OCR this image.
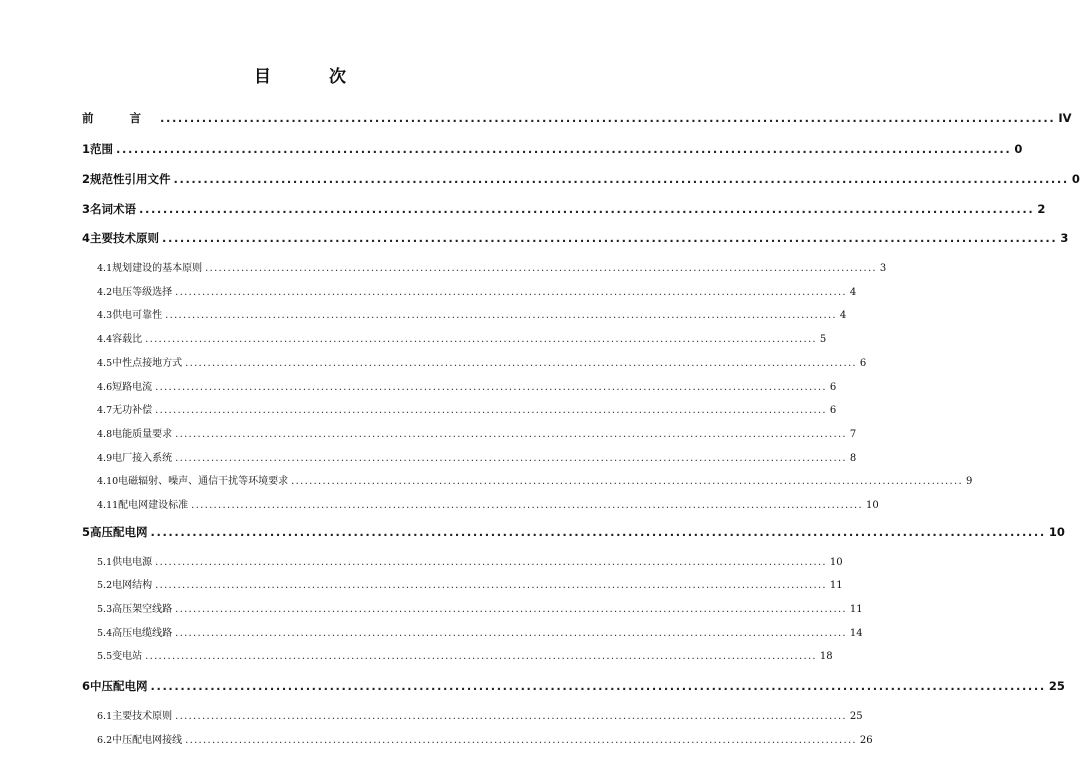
目 次
前 言 ...................................................................................................................................................... IV
1 范围 ...................................................................................................................................................... 0
2 规范性引用文件 ...................................................................................................................................................... 0
3 名词术语 ...................................................................................................................................................... 2
4 主要技术原则 ...................................................................................................................................................... 3
4.1 规划建设的基本原则 ...................................................................................................................................................... 3
4.2 电压等级选择 ...................................................................................................................................................... 4
4.3 供电可靠性 ...................................................................................................................................................... 4
4.4 容载比 ...................................................................................................................................................... 5
4.5 中性点接地方式 ...................................................................................................................................................... 6
4.6 短路电流 ...................................................................................................................................................... 6
4.7 无功补偿 ...................................................................................................................................................... 6
4.8 电能质量要求 ...................................................................................................................................................... 7
4.9 电厂接入系统 ...................................................................................................................................................... 8
4.10 电磁辐射、噪声、通信干扰等环境要求 ...................................................................................................................................................... 9
4.11 配电网建设标准 ...................................................................................................................................................... 10
5 高压配电网 ...................................................................................................................................................... 10
5.1 供电电源 ...................................................................................................................................................... 10
5.2 电网结构 ...................................................................................................................................................... 11
5.3 高压架空线路 ...................................................................................................................................................... 11
5.4 高压电缆线路 ...................................................................................................................................................... 14
5.5 变电站 ...................................................................................................................................................... 18
6 中压配电网 ...................................................................................................................................................... 25
6.1 主要技术原则 ...................................................................................................................................................... 25
6.2 中压配电网接线 ...................................................................................................................................................... 26
